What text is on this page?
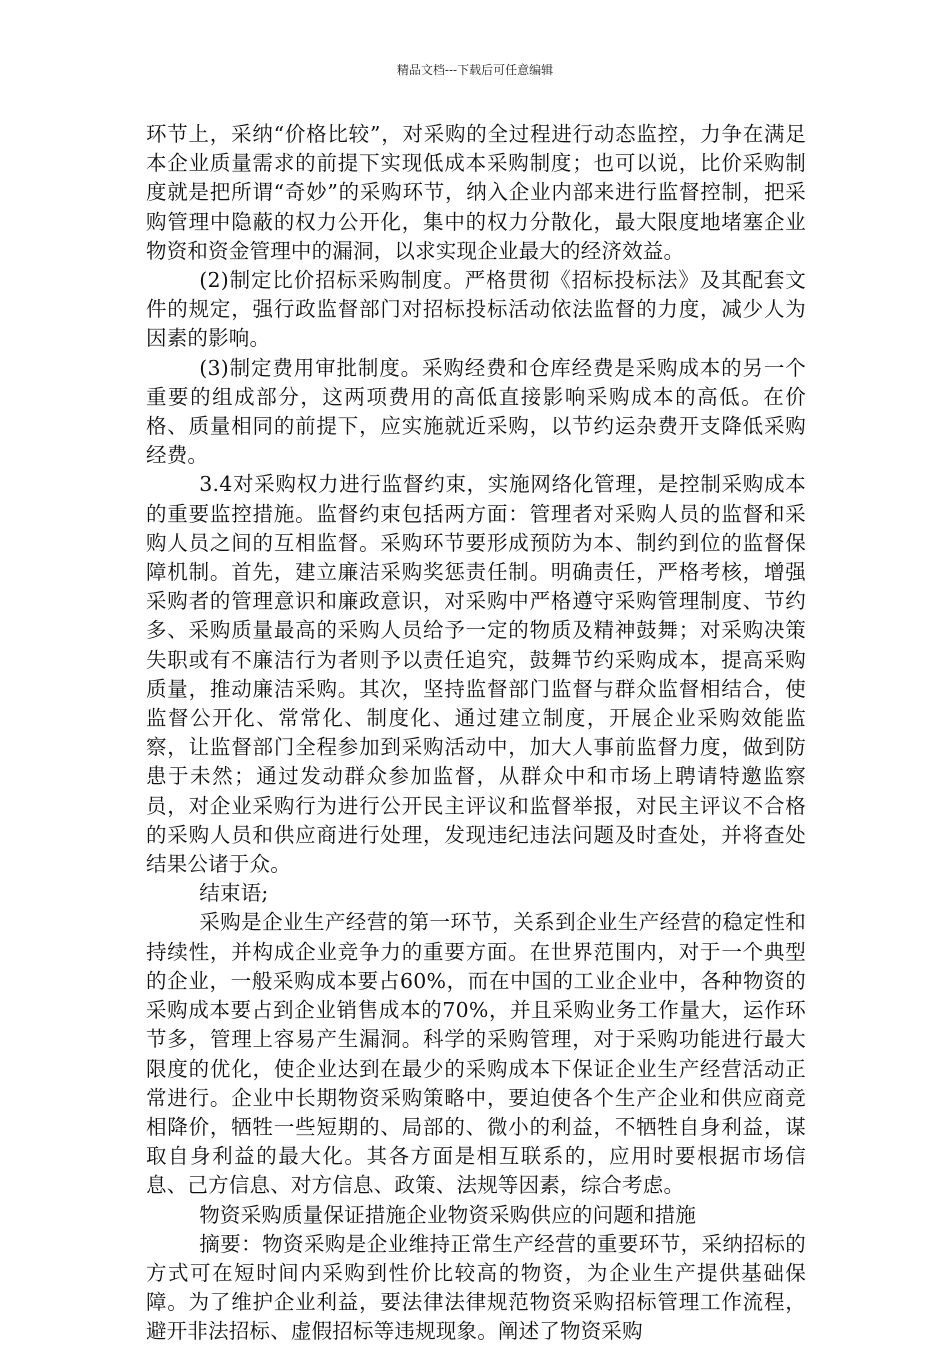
精品文档---下载后可任意编辑

环节上，采纳“价格比较”，对采购的全过程进行动态监控，力争在满足本企业质量需求的前提下实现低成本采购制度；也可以说，比价采购制度就是把所谓“奇妙”的采购环节，纳入企业内部来进行监督控制，把采购管理中隐蔽的权力公开化，集中的权力分散化，最大限度地堵塞企业物资和资金管理中的漏洞，以求实现企业最大的经济效益。

(2)制定比价招标采购制度。严格贯彻《招标投标法》及其配套文件的规定，强行政监督部门对招标投标活动依法监督的力度，减少人为因素的影响。

(3)制定费用审批制度。采购经费和仓库经费是采购成本的另一个重要的组成部分，这两项费用的高低直接影响采购成本的高低。在价格、质量相同的前提下，应实施就近采购，以节约运杂费开支降低采购经费。

3.4对采购权力进行监督约束，实施网络化管理，是控制采购成本的重要监控措施。监督约束包括两方面：管理者对采购人员的监督和采购人员之间的互相监督。采购环节要形成预防为本、制约到位的监督保障机制。首先，建立廉洁采购奖惩责任制。明确责任，严格考核，增强采购者的管理意识和廉政意识，对采购中严格遵守采购管理制度、节约多、采购质量最高的采购人员给予一定的物质及精神鼓舞；对采购决策失职或有不廉洁行为者则予以责任追究，鼓舞节约采购成本，提高采购质量，推动廉洁采购。其次，坚持监督部门监督与群众监督相结合，使监督公开化、常常化、制度化、通过建立制度，开展企业采购效能监察，让监督部门全程参加到采购活动中，加大人事前监督力度，做到防患于未然；通过发动群众参加监督，从群众中和市场上聘请特邀监察员，对企业采购行为进行公开民主评议和监督举报，对民主评议不合格的采购人员和供应商进行处理，发现违纪违法问题及时查处，并将查处结果公诸于众。

结束语;

采购是企业生产经营的第一环节，关系到企业生产经营的稳定性和持续性，并构成企业竞争力的重要方面。在世界范围内，对于一个典型的企业，一般采购成本要占60%，而在中国的工业企业中，各种物资的采购成本要占到企业销售成本的70%，并且采购业务工作量大，运作环节多，管理上容易产生漏洞。科学的采购管理，对于采购功能进行最大限度的优化，使企业达到在最少的采购成本下保证企业生产经营活动正常进行。企业中长期物资采购策略中，要迫使各个生产企业和供应商竞相降价，牺牲一些短期的、局部的、微小的利益，不牺牲自身利益，谋取自身利益的最大化。其各方面是相互联系的，应用时要根据市场信息、己方信息、对方信息、政策、法规等因素，综合考虑。

物资采购质量保证措施企业物资采购供应的问题和措施

摘要：物资采购是企业维持正常生产经营的重要环节，采纳招标的方式可在短时间内采购到性价比较高的物资，为企业生产提供基础保障。为了维护企业利益，要法律法律规范物资采购招标管理工作流程，避开非法招标、虚假招标等违规现象。阐述了物资采购
